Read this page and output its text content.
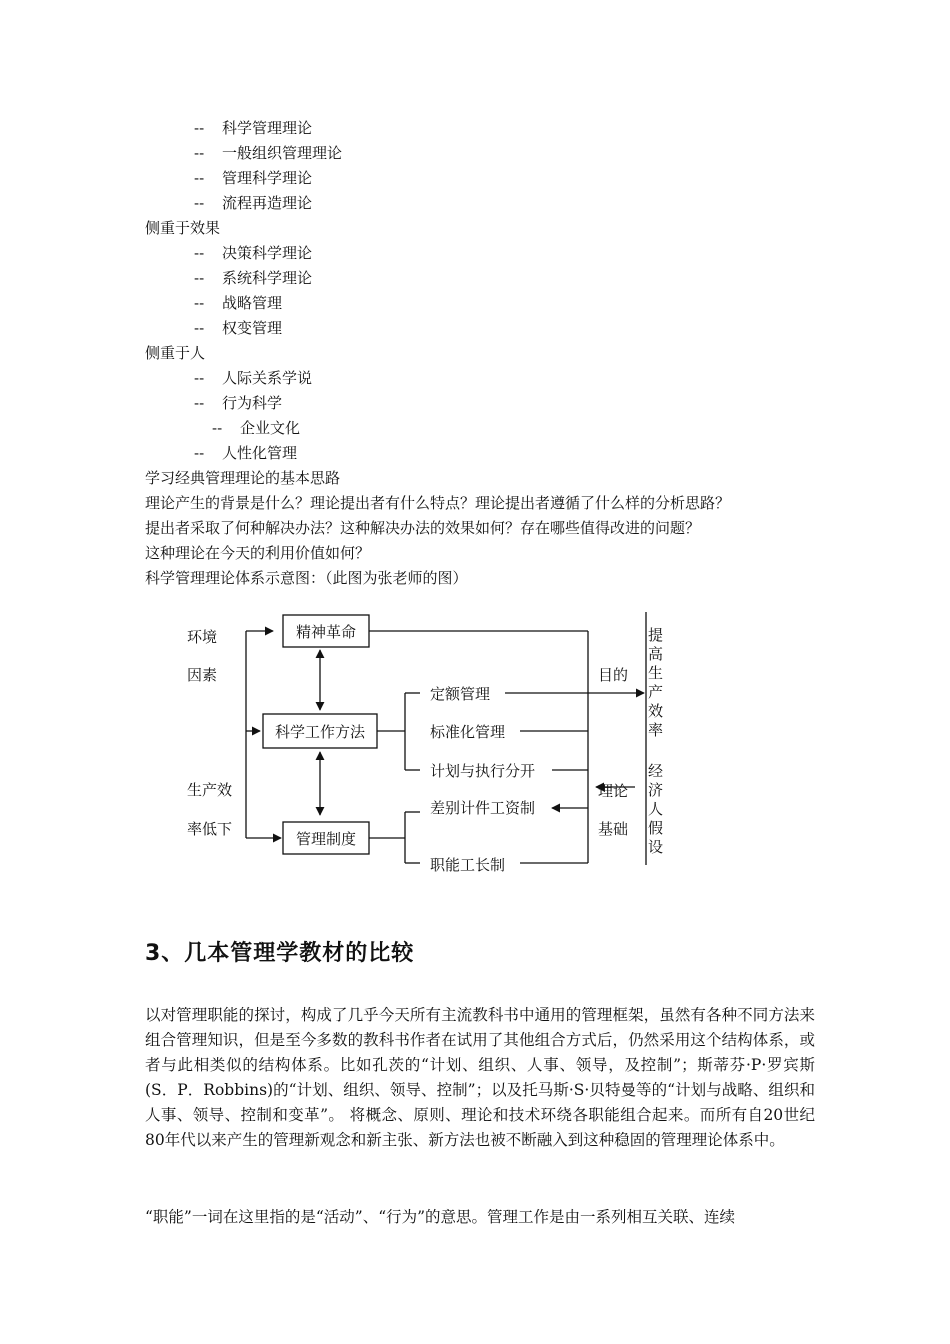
-- 科学管理理论
-- 一般组织管理理论
-- 管理科学理论
-- 流程再造理论
侧重于效果
-- 决策科学理论
-- 系统科学理论
-- 战略管理
-- 权变管理
侧重于人
-- 人际关系学说
-- 行为科学
-- 企业文化
-- 人性化管理
学习经典管理理论的基本思路
理论产生的背景是什么？理论提出者有什么特点？理论提出者遵循了什么样的分析思路？
提出者采取了何种解决办法？这种解决办法的效果如何？存在哪些值得改进的问题？
这种理论在今天的利用价值如何？
科学管理理论体系示意图：（此图为张老师的图）
环境
因素
生产效
率低下
精神革命
科学工作方法
管理制度
定额管理
标准化管理
计划与执行分开
差别计件工资制
职能工长制
目的
理论
基础
提
高
生
产
效
率
经
济
人
假
设
3、几本管理学教材的比较
以对管理职能的探讨，构成了几乎今天所有主流教科书中通用的管理框架，虽然有各种不同方法来组合管理知识，但是至今多数的教科书作者在试用了其他组合方式后，仍然采用这个结构体系，或者与此相类似的结构体系。比如孔茨的“计划、组织、人事、领导，及控制”；斯蒂芬·P·罗宾斯(S．P．Robbins)的“计划、组织、领导、控制”；以及托马斯·S·贝特曼等的“计划与战略、组织和人事、领导、控制和变革”。 将概念、原则、理论和技术环绕各职能组合起来。而所有自20世纪80年代以来产生的管理新观念和新主张、新方法也被不断融入到这种稳固的管理理论体系中。
“职能”一词在这里指的是“活动”、“行为”的意思。管理工作是由一系列相互关联、连续
